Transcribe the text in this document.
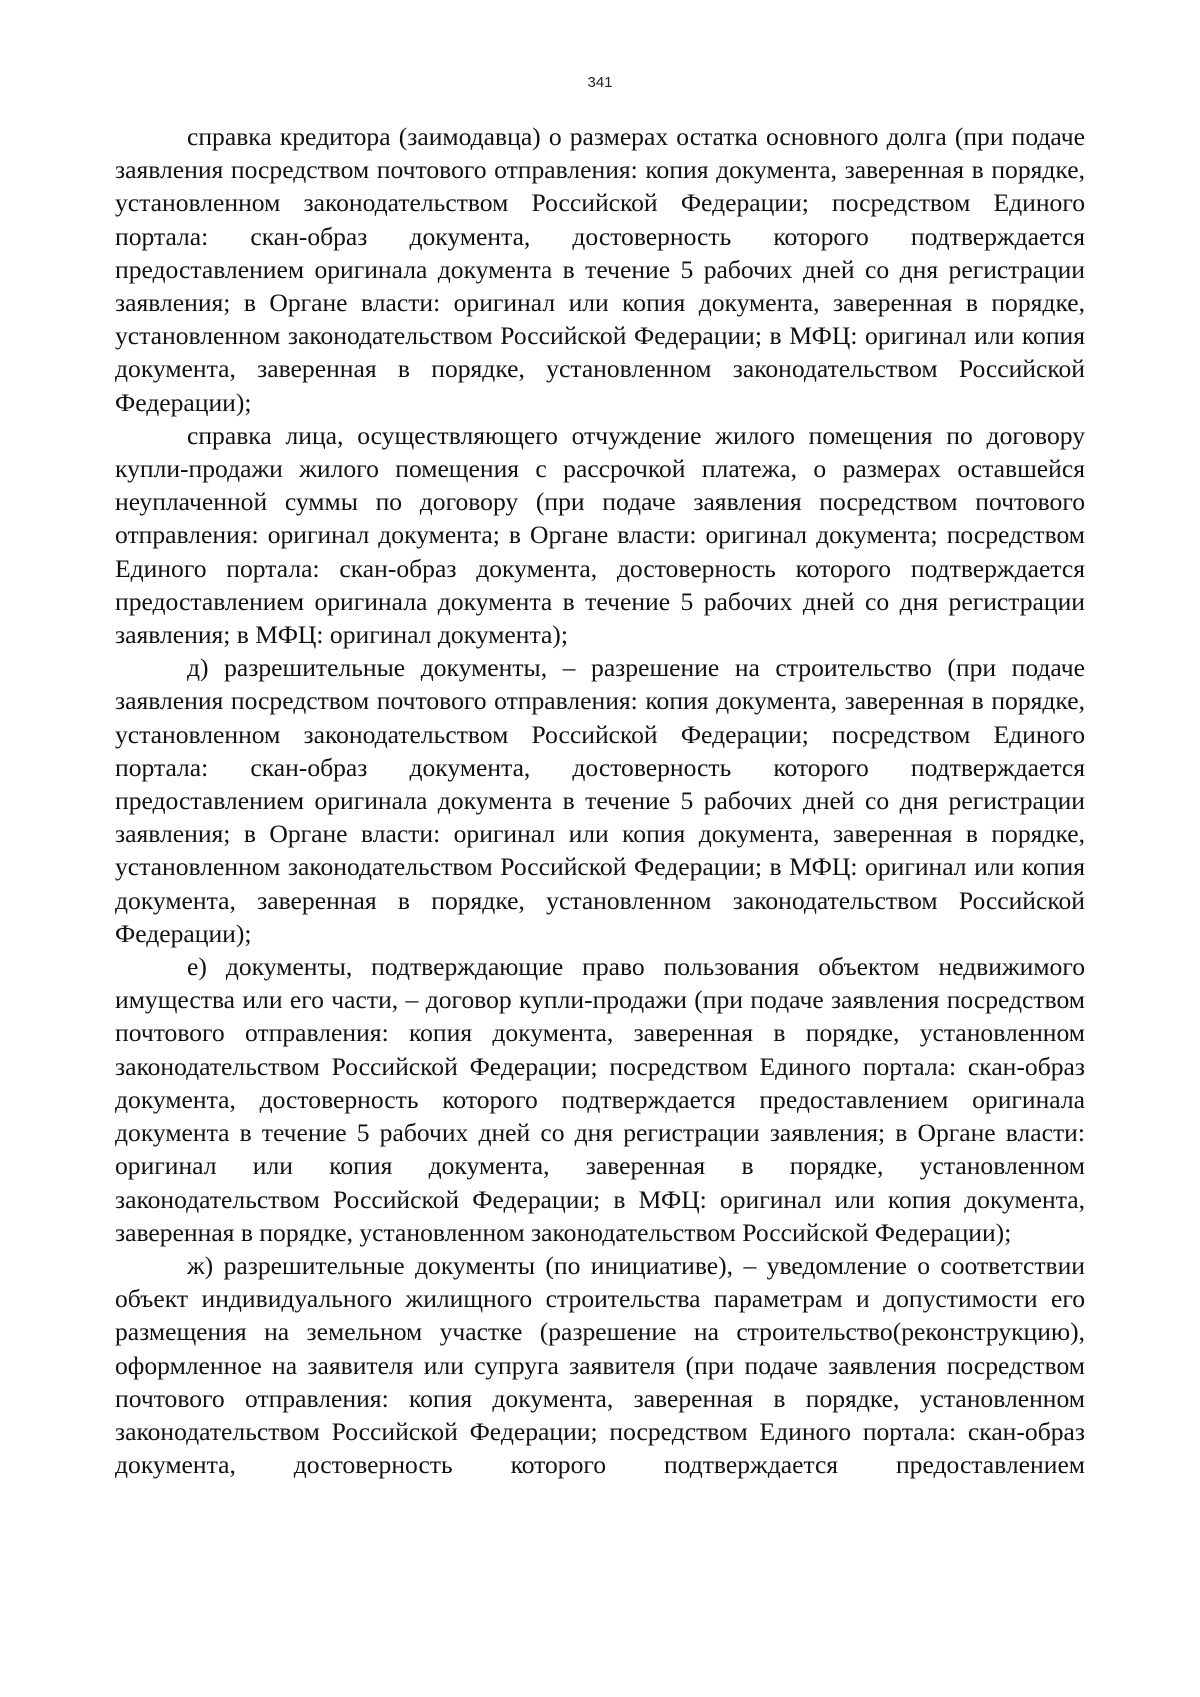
341

справка кредитора (заимодавца) о размерах остатка основного долга (при подаче заявления посредством почтового отправления: копия документа, заверенная в порядке, установленном законодательством Российской Федерации; посредством Единого портала: скан-образ документа, достоверность которого подтверждается предоставлением оригинала документа в течение 5 рабочих дней со дня регистрации заявления; в Органе власти: оригинал или копия документа, заверенная в порядке, установленном законодательством Российской Федерации; в МФЦ: оригинал или копия документа, заверенная в порядке, установленном законодательством Российской Федерации);

справка лица, осуществляющего отчуждение жилого помещения по договору купли-продажи жилого помещения с рассрочкой платежа, о размерах оставшейся неуплаченной суммы по договору (при подаче заявления посредством почтового отправления: оригинал документа; в Органе власти: оригинал документа; посредством Единого портала: скан-образ документа, достоверность которого подтверждается предоставлением оригинала документа в течение 5 рабочих дней со дня регистрации заявления; в МФЦ: оригинал документа);

д) разрешительные документы, – разрешение на строительство (при подаче заявления посредством почтового отправления: копия документа, заверенная в порядке, установленном законодательством Российской Федерации; посредством Единого портала: скан-образ документа, достоверность которого подтверждается предоставлением оригинала документа в течение 5 рабочих дней со дня регистрации заявления; в Органе власти: оригинал или копия документа, заверенная в порядке, установленном законодательством Российской Федерации; в МФЦ: оригинал или копия документа, заверенная в порядке, установленном законодательством Российской Федерации);

е) документы, подтверждающие право пользования объектом недвижимого имущества или его части, – договор купли-продажи (при подаче заявления посредством почтового отправления: копия документа, заверенная в порядке, установленном законодательством Российской Федерации; посредством Единого портала: скан-образ документа, достоверность которого подтверждается предоставлением оригинала документа в течение 5 рабочих дней со дня регистрации заявления; в Органе власти: оригинал или копия документа, заверенная в порядке, установленном законодательством Российской Федерации; в МФЦ: оригинал или копия документа, заверенная в порядке, установленном законодательством Российской Федерации);

ж) разрешительные документы (по инициативе), – уведомление о соответствии объект индивидуального жилищного строительства параметрам и допустимости его размещения на земельном участке (разрешение на строительство(реконструкцию), оформленное на заявителя или супруга заявителя (при подаче заявления посредством почтового отправления: копия документа, заверенная в порядке, установленном законодательством Российской Федерации; посредством Единого портала: скан-образ документа, достоверность которого подтверждается предоставлением
